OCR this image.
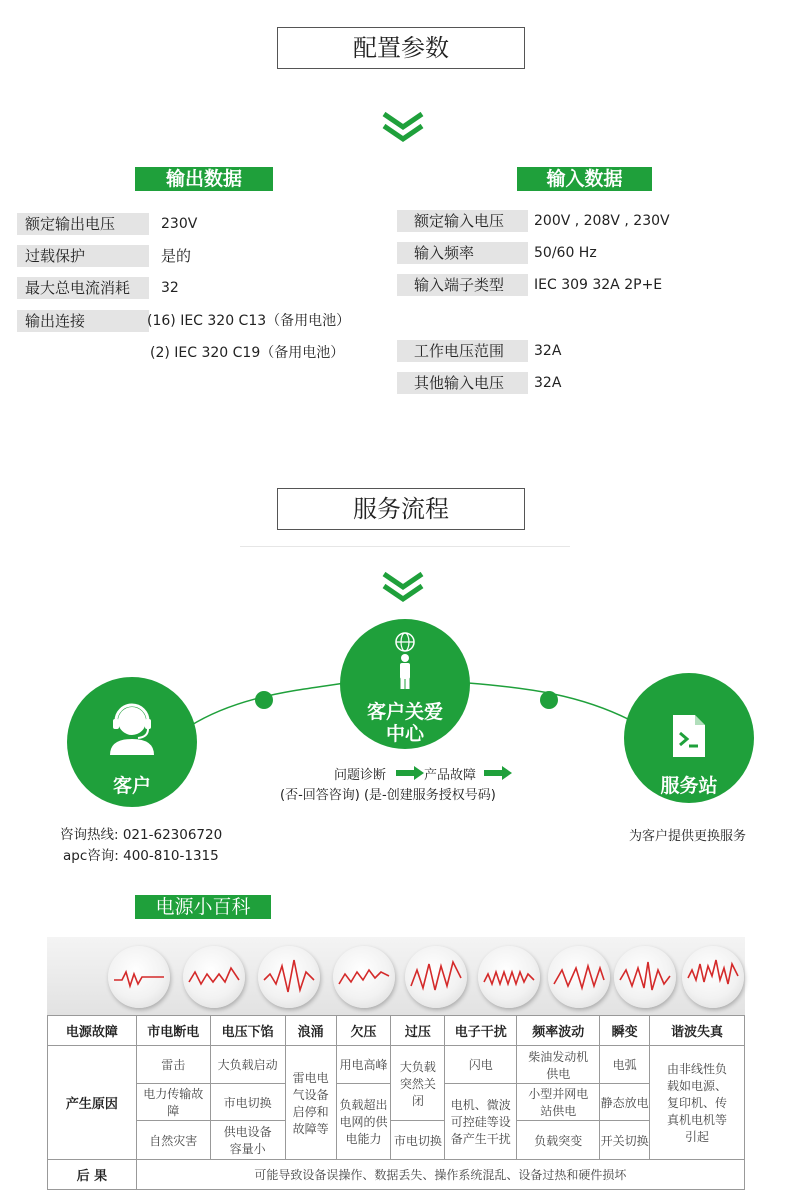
配置参数
输出数据	输入数据
额定输出电压	230V
过载保护	是的
最大总电流消耗	32
输出连接	(16) IEC 320 C13（备用电池）
(2) IEC 320 C19（备用电池）
额定输入电压	200V , 208V , 230V
输入频率	50/60 Hz
输入端子类型	IEC 309 32A 2P+E
工作电压范围	32A
其他输入电压	32A
服务流程
客户
客户关爱
中心
服务站
问题诊断	产品故障
(否-回答咨询) (是-创建服务授权号码)
咨询热线: 021-62306720
apc咨询: 400-810-1315
为客户提供更换服务
电源小百科
电源故障	市电断电	电压下馅	浪涌	欠压	过压	电子干扰	频率波动	瞬变	谐波失真
产生原因	雷击	大负载启动	雷电电气设备启停和故障等	用电高峰	大负载突然关闭	闪电	柴油发动机供电	电弧	由非线性负载如电源、复印机、传真机电机等引起
	电力传输故障	市电切换		负载超出电网的供电能力		电机、微波可控硅等设备产生干扰	小型并网电站供电	静态放电	
	自然灾害	供电设备容量小			市电切换		负载突变	开关切换	
后 果	可能导致设备误操作、数据丢失、操作系统混乱、设备过热和硬件损坏								
